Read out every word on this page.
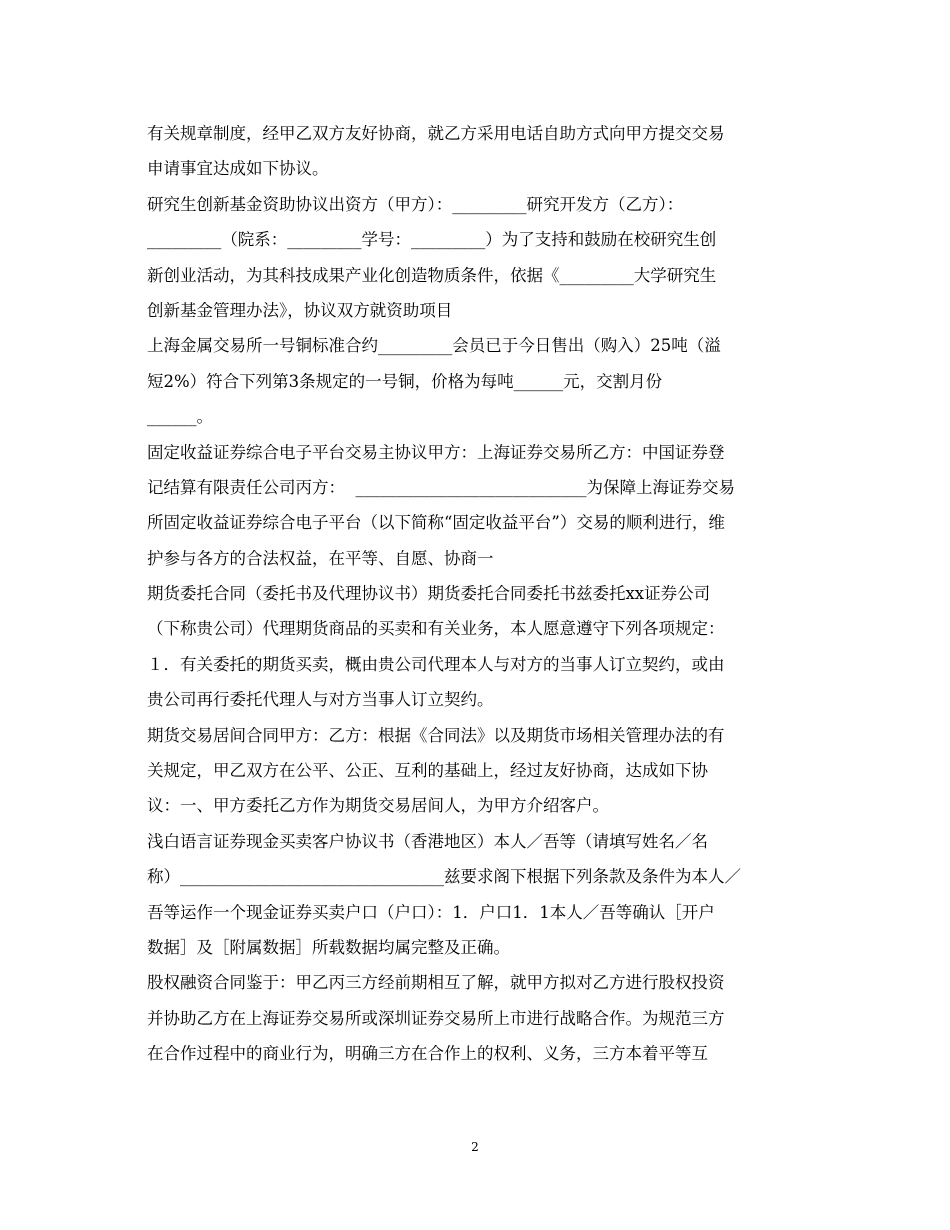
有关规章制度，经甲乙双方友好协商，就乙方采用电话自助方式向甲方提交交易
申请事宜达成如下协议。
研究生创新基金资助协议出资方（甲方）：_________研究开发方（乙方）：
_________（院系：_________学号：_________）为了支持和鼓励在校研究生创
新创业活动，为其科技成果产业化创造物质条件，依据《_________大学研究生
创新基金管理办法》，协议双方就资助项目
上海金属交易所一号铜标准合约_________会员已于今日售出（购入）25吨（溢
短2%）符合下列第3条规定的一号铜，价格为每吨______元，交割月份
______。
固定收益证券综合电子平台交易主协议甲方：上海证券交易所乙方：中国证券登
记结算有限责任公司丙方：  ____________________________为保障上海证券交易
所固定收益证券综合电子平台（以下简称“固定收益平台”）交易的顺利进行，维
护参与各方的合法权益，在平等、自愿、协商一
期货委托合同（委托书及代理协议书）期货委托合同委托书兹委托xx证券公司
（下称贵公司）代理期货商品的买卖和有关业务，本人愿意遵守下列各项规定：
１．有关委托的期货买卖，概由贵公司代理本人与对方的当事人订立契约，或由
贵公司再行委托代理人与对方当事人订立契约。
期货交易居间合同甲方：乙方：根据《合同法》以及期货市场相关管理办法的有
关规定，甲乙双方在公平、公正、互利的基础上，经过友好协商，达成如下协
议：一、甲方委托乙方作为期货交易居间人，为甲方介绍客户。
浅白语言证券现金买卖客户协议书（香港地区）本人／吾等（请填写姓名／名
称）________________________________兹要求阁下根据下列条款及条件为本人／
吾等运作一个现金证券买卖户口（户口）：1．户口1．1本人／吾等确认［开户
数据］及［附属数据］所载数据均属完整及正确。
股权融资合同鉴于：甲乙丙三方经前期相互了解，就甲方拟对乙方进行股权投资
并协助乙方在上海证券交易所或深圳证券交易所上市进行战略合作。为规范三方
在合作过程中的商业行为，明确三方在合作上的权利、义务，三方本着平等互
2
